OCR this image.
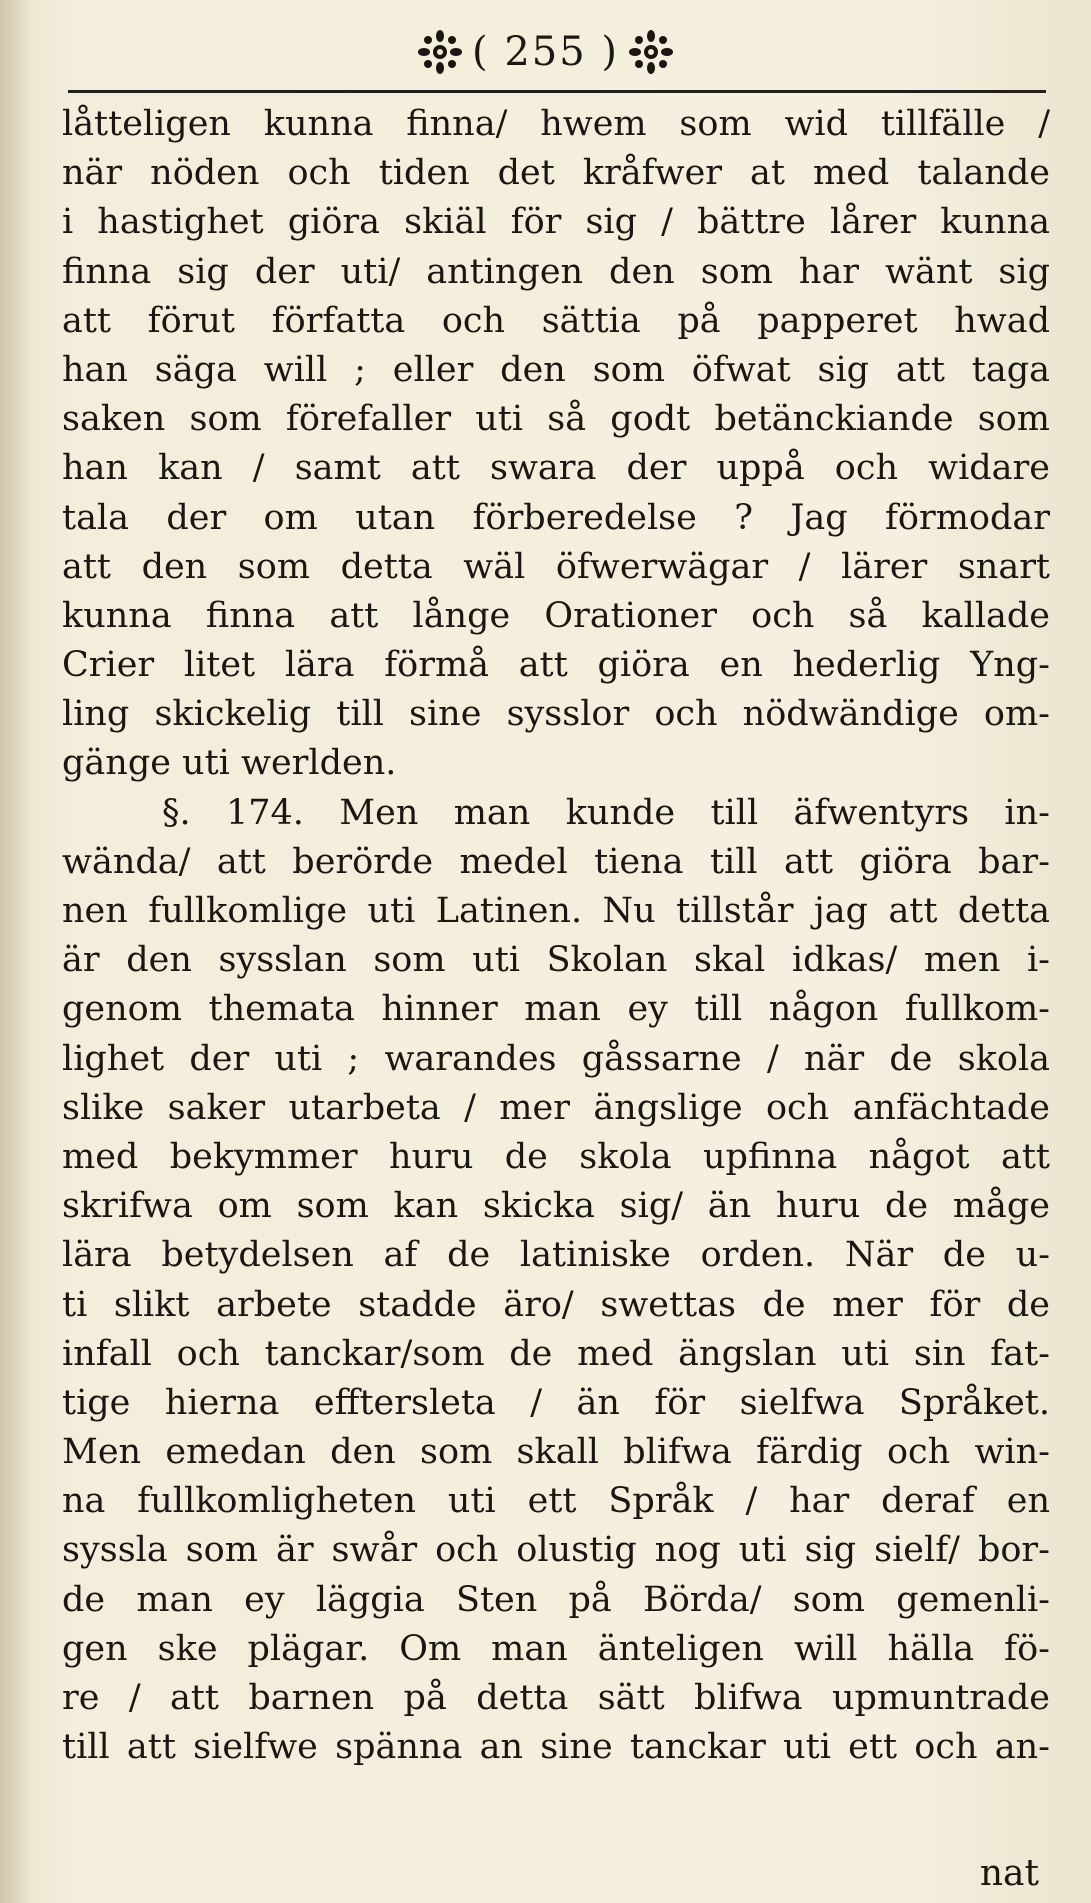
( 255 )
låtteligen kunna finna/ hwem som wid tillfälle /
när nöden och tiden det kråfwer at med talande
i hastighet giöra skiäl för sig / bättre lårer kunna
finna sig der uti/ antingen den som har wänt sig
att förut författa och sättia på papperet hwad
han säga will ; eller den som öfwat sig att taga
saken som förefaller uti så godt betänckiande som
han kan / samt att swara der uppå och widare
tala der om utan förberedelse ? Jag förmodar
att den som detta wäl öfwerwägar / lärer snart
kunna finna att långe Orationer och så kallade
Crier litet lära förmå att giöra en hederlig Yng-
ling skickelig till sine sysslor och nödwändige om-
gänge uti werlden.
§. 174. Men man kunde till äfwentyrs in-
wända/ att berörde medel tiena till att giöra bar-
nen fullkomlige uti Latinen. Nu tillstår jag att detta
är den sysslan som uti Skolan skal idkas/ men i-
genom themata hinner man ey till någon fullkom-
lighet der uti ; warandes gåssarne / när de skola
slike saker utarbeta / mer ängslige och anfächtade
med bekymmer huru de skola upfinna något att
skrifwa om som kan skicka sig/ än huru de måge
lära betydelsen af de latiniske orden. När de u-
ti slikt arbete stadde äro/ swettas de mer för de
infall och tanckar/som de med ängslan uti sin fat-
tige hierna efftersleta / än för sielfwa Språket.
Men emedan den som skall blifwa färdig och win-
na fullkomligheten uti ett Språk / har deraf en
syssla som är swår och olustig nog uti sig sielf/ bor-
de man ey läggia Sten på Börda/ som gemenli-
gen ske plägar. Om man änteligen will hälla fö-
re / att barnen på detta sätt blifwa upmuntrade
till att sielfwe spänna an sine tanckar uti ett och an-
nat
